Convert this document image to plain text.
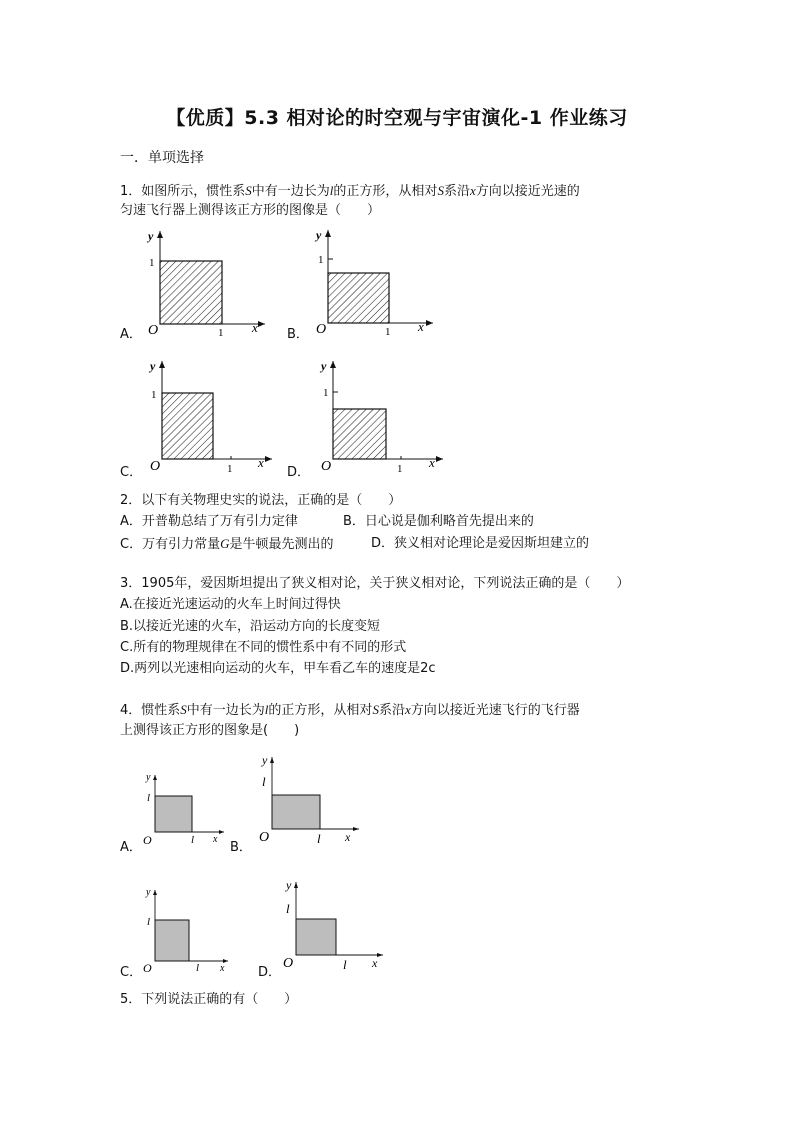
【优质】5.3 相对论的时空观与宇宙演化-1 作业练习
一．单项选择
1．如图所示，惯性系S中有一边长为l的正方形，从相对S系沿x方向以接近光速的
匀速飞行器上测得该正方形的图像是（　　）
A．
y
1
O	1 x B．
y
1
O	1 x
C．
y
1
O	1 x
D．
y
1
O	1 x
2．以下有关物理史实的说法，正确的是（　　）
A．开普勒总结了万有引力定律	B．日心说是伽利略首先提出来的
C．万有引力常量G是牛顿最先测出的	D．狭义相对论理论是爱因斯坦建立的
3．1905年，爱因斯坦提出了狭义相对论，关于狭义相对论，下列说法正确的是（　　）
A.在接近光速运动的火车上时间过得快
B.以接近光速的火车，沿运动方向的长度变短
C.所有的物理规律在不同的惯性系中有不同的形式
D.两列以光速相向运动的火车，甲车看乙车的速度是2c
4．惯性系S中有一边长为l的正方形，从相对S系沿x方向以接近光速飞行的飞行器
上测得该正方形的图象是(　　)
A．
y
l
O	l x
B．
y
l
O	l x
C．
y
l
O	l x	D．
y
l
O	l x
5．下列说法正确的有（　　）
